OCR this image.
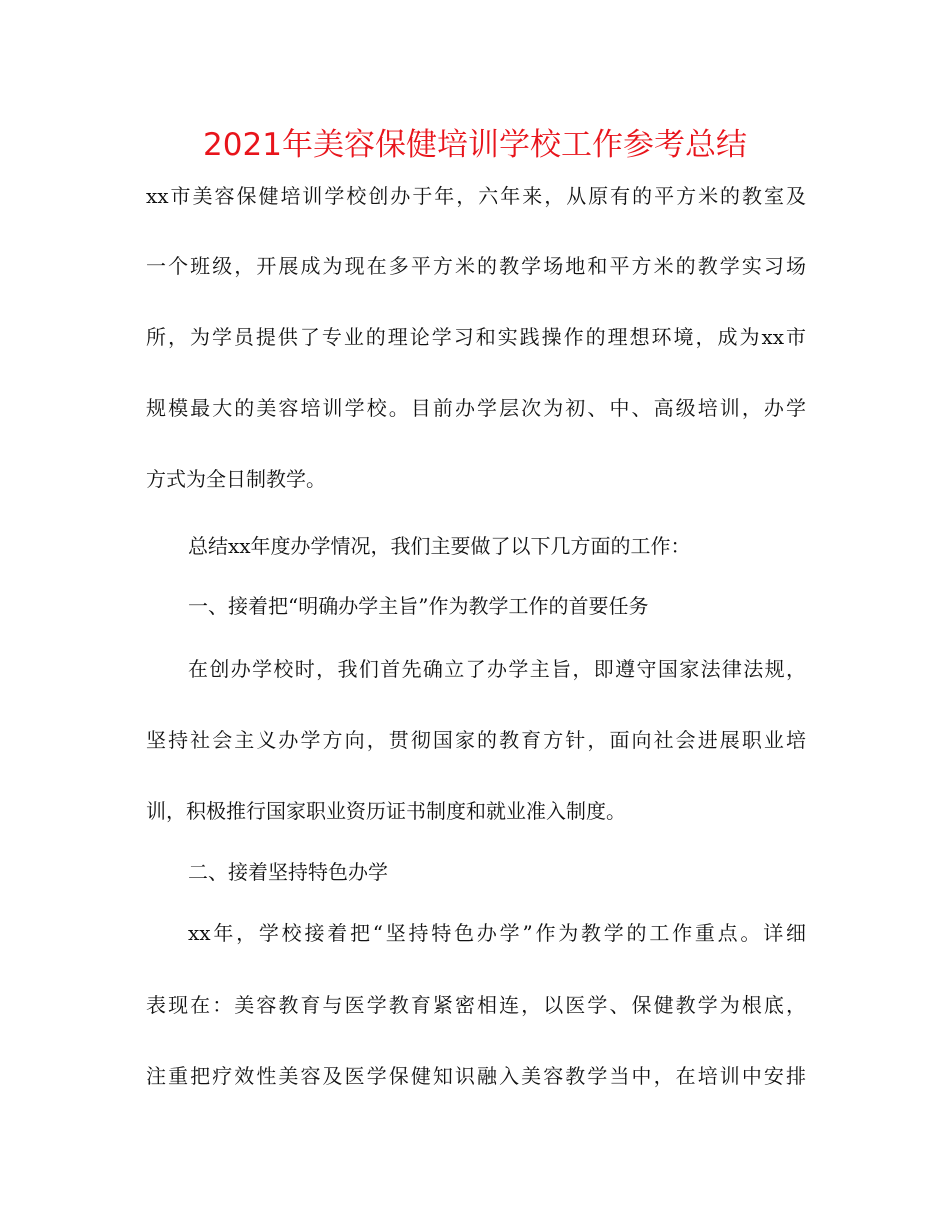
2021年美容保健培训学校工作参考总结
xx市美容保健培训学校创办于年，六年来，从原有的平方米的教室及
一个班级，开展成为现在多平方米的教学场地和平方米的教学实习场
所，为学员提供了专业的理论学习和实践操作的理想环境，成为xx市
规模最大的美容培训学校。目前办学层次为初、中、高级培训，办学
方式为全日制教学。
总结xx年度办学情况，我们主要做了以下几方面的工作：
一、接着把“明确办学主旨”作为教学工作的首要任务
在创办学校时，我们首先确立了办学主旨，即遵守国家法律法规，
坚持社会主义办学方向，贯彻国家的教育方针，面向社会进展职业培
训，积极推行国家职业资历证书制度和就业准入制度。
二、接着坚持特色办学
xx年，学校接着把“坚持特色办学”作为教学的工作重点。详细
表现在：美容教育与医学教育紧密相连，以医学、保健教学为根底，
注重把疗效性美容及医学保健知识融入美容教学当中，在培训中安排
